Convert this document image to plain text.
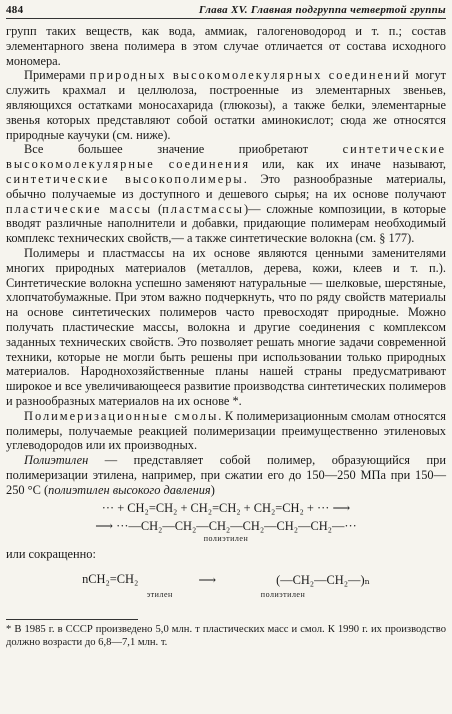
484	Глава XV. Главная подгруппа четвертой группы

групп таких веществ, как вода, аммиак, галогеноводород и т. п.; состав элементарного звена полимера в этом случае отличается от состава исходного мономера.

Примерами природных высокомолекулярных соединений могут служить крахмал и целлюлоза, построенные из элементарных звеньев, являющихся остатками моносахарида (глюкозы), а также белки, элементарные звенья которых представляют собой остатки аминокислот; сюда же относятся природные каучуки (см. ниже).

Все большее значение приобретают синтетические высокомолекулярные соединения или, как их иначе называют, синтетические высокополимеры. Это разнообразные материалы, обычно получаемые из доступного и дешевого сырья; на их основе получают пластические массы (пластмассы)— сложные композиции, в которые вводят различные наполнители и добавки, придающие полимерам необходимый комплекс технических свойств,— а также синтетические волокна (см. § 177).

Полимеры и пластмассы на их основе являются ценными заменителями многих природных материалов (металлов, дерева, кожи, клеев и т. п.). Синтетические волокна успешно заменяют натуральные — шелковые, шерстяные, хлопчатобумажные. При этом важно подчеркнуть, что по ряду свойств материалы на основе синтетических полимеров часто превосходят природные. Можно получать пластические массы, волокна и другие соединения с комплексом заданных технических свойств. Это позволяет решать многие задачи современной техники, которые не могли быть решены при использовании только природных материалов. Народнохозяйственные планы нашей страны предусматривают широкое и все увеличивающееся развитие производства синтетических полимеров и разнообразных материалов на их основе *.

Полимеризационные смолы. К полимеризационным смолам относятся полимеры, получаемые реакцией полимеризации преимущественно этиленовых углеводородов или их производных.

Полиэтилен — представляет собой полимер, образующийся при полимеризации этилена, например, при сжатии его до 150—250 МПа при 150—250 °С (полиэтилен высокого давления)

··· + CH₂=CH₂ + CH₂=CH₂ + CH₂=CH₂ + ··· ⟶
⟶ ···—CH₂—CH₂—CH₂—CH₂—CH₂—CH₂—···
полиэтилен

или сокращенно:

nCH₂=CH₂	⟶	(—CH₂—CH₂—)ₙ
этилен	полиэтилен

* В 1985 г. в СССР произведено 5,0 млн. т пластических масс и смол. К 1990 г. их производство должно возрасти до 6,8—7,1 млн. т.
